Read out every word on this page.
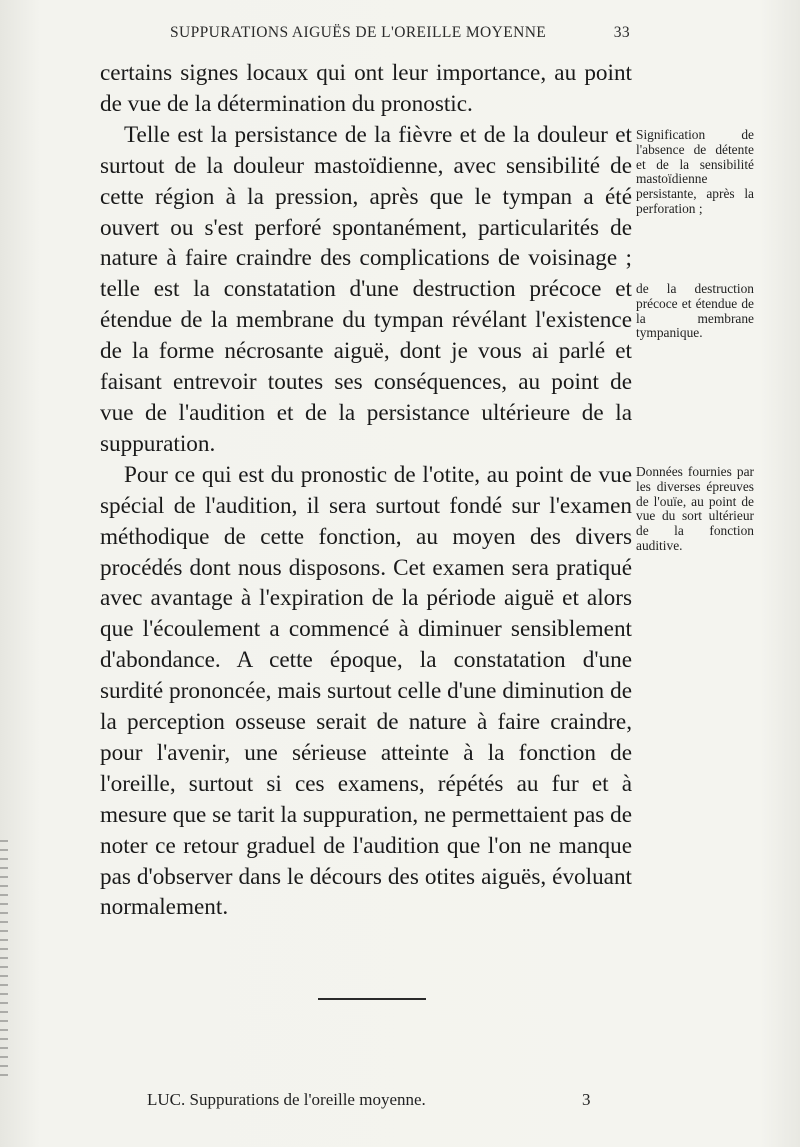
SUPPURATIONS AIGUËS DE L'OREILLE MOYENNE	33

certains signes locaux qui ont leur importance, au point de vue de la détermination du pronostic.

Telle est la persistance de la fièvre et de la douleur et surtout de la douleur mastoïdienne, avec sensibilité de cette région à la pression, après que le tympan a été ouvert ou s'est perforé spontanément, particularités de nature à faire craindre des complications de voisinage ; telle est la constatation d'une destruction précoce et étendue de la membrane du tympan révélant l'existence de la forme nécrosante aiguë, dont je vous ai parlé et faisant entrevoir toutes ses conséquences, au point de vue de l'audition et de la persistance ultérieure de la suppuration.

Pour ce qui est du pronostic de l'otite, au point de vue spécial de l'audition, il sera surtout fondé sur l'examen méthodique de cette fonction, au moyen des divers procédés dont nous disposons. Cet examen sera pratiqué avec avantage à l'expiration de la période aiguë et alors que l'écoulement a commencé à diminuer sensiblement d'abondance. A cette époque, la constatation d'une surdité prononcée, mais surtout celle d'une diminution de la perception osseuse serait de nature à faire craindre, pour l'avenir, une sérieuse atteinte à la fonction de l'oreille, surtout si ces examens, répétés au fur et à mesure que se tarit la suppuration, ne permettaient pas de noter ce retour graduel de l'audition que l'on ne manque pas d'observer dans le décours des otites aiguës, évoluant normalement.

Signification de l'absence de détente et de la sensibilité mastoïdienne persistante, après la perforation ;
de la destruction précoce et étendue de la membrane tympanique.
Données fournies par les diverses épreuves de l'ouïe, au point de vue du sort ultérieur de la fonction auditive.
LUC. Suppurations de l'oreille moyenne.	3
